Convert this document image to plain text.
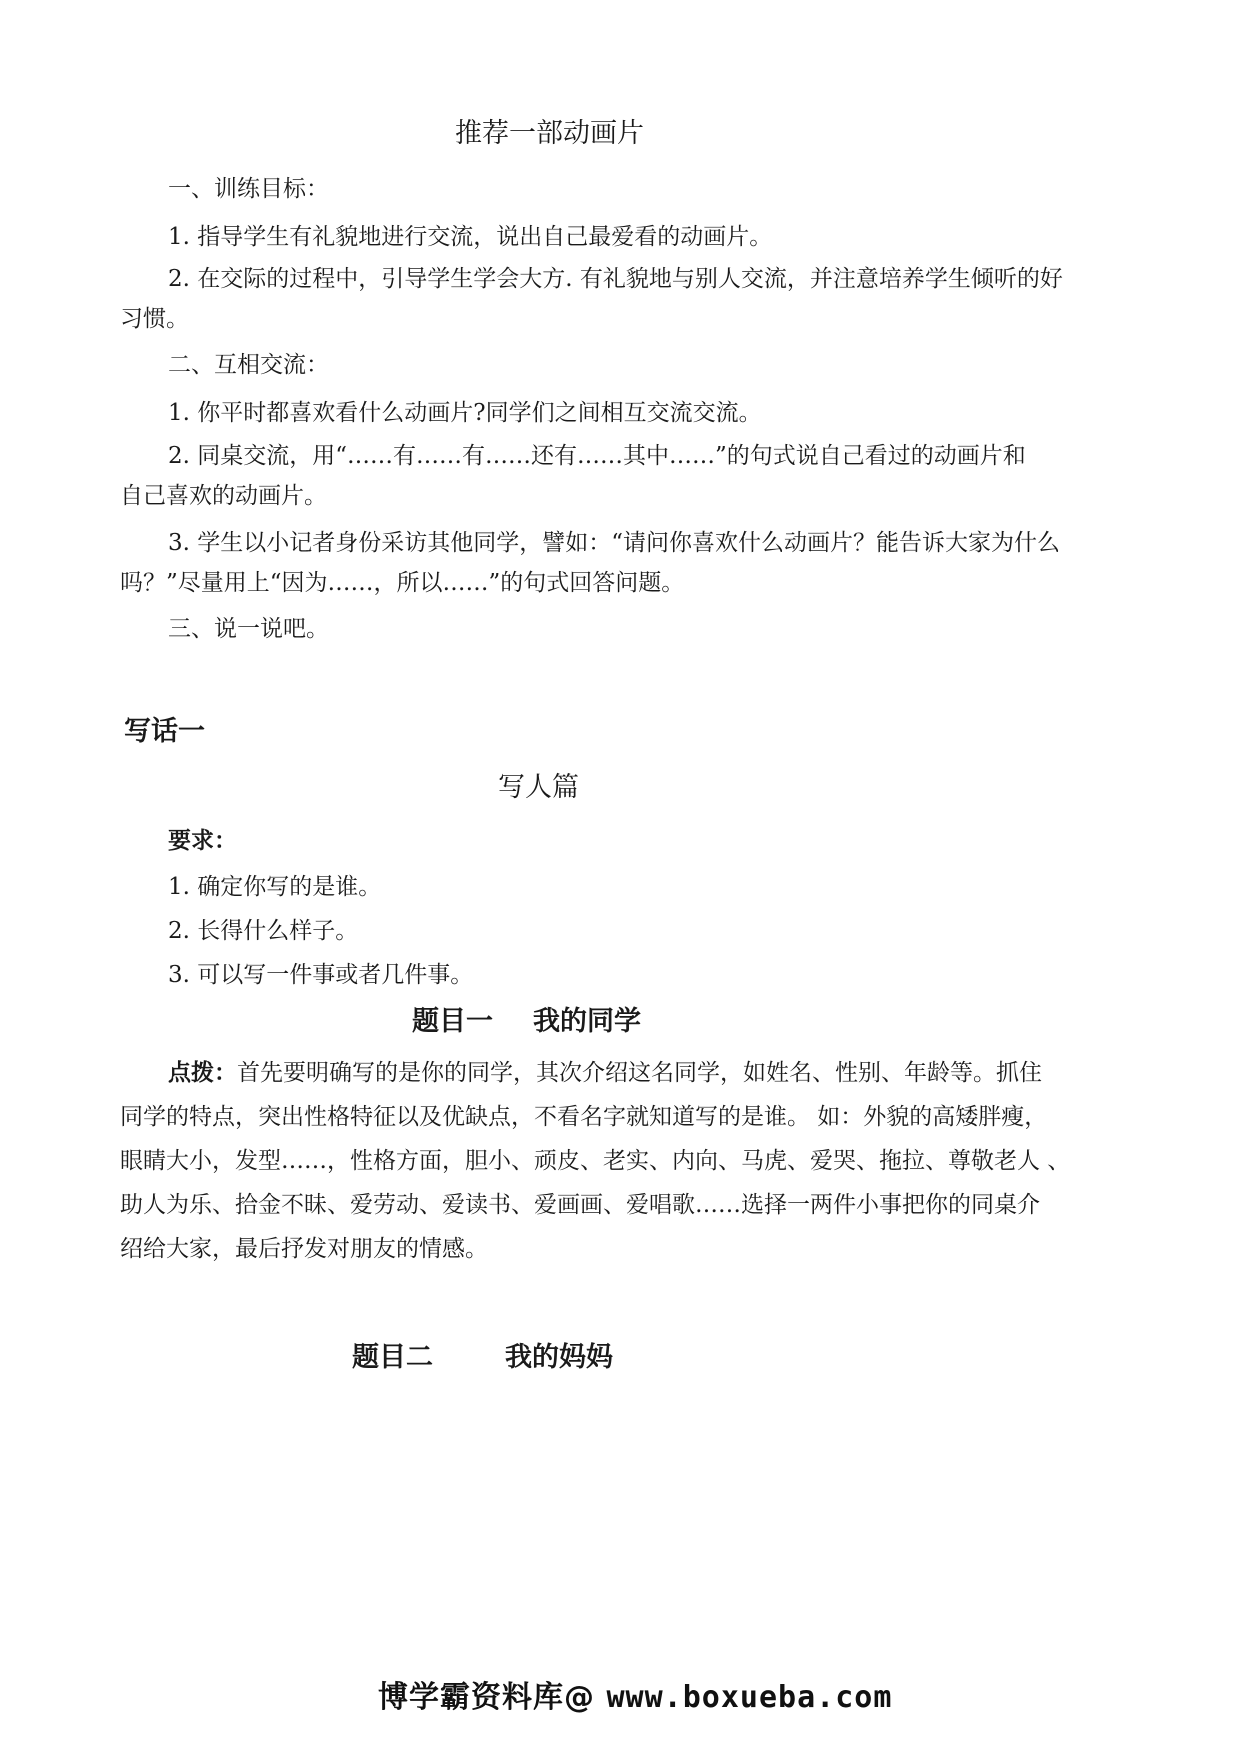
推荐一部动画片
一、训练目标：
1. 指导学生有礼貌地进行交流，说出自己最爱看的动画片。
2. 在交际的过程中，引导学生学会大方. 有礼貌地与别人交流，并注意培养学生倾听的好
习惯。
二、互相交流：
1. 你平时都喜欢看什么动画片?同学们之间相互交流交流。
2. 同桌交流，用“……有……有……还有……其中……”的句式说自己看过的动画片和
自己喜欢的动画片。
3. 学生以小记者身份采访其他同学，譬如：“请问你喜欢什么动画片？能告诉大家为什么
吗？”尽量用上“因为……，所以……”的句式回答问题。
三、说一说吧。
写话一
写人篇
要求：
1. 确定你写的是谁。
2. 长得什么样子。
3. 可以写一件事或者几件事。
题目一 我的同学
点拨：首先要明确写的是你的同学，其次介绍这名同学，如姓名、性别、年龄等。抓住
同学的特点，突出性格特征以及优缺点，不看名字就知道写的是谁。 如：外貌的高矮胖瘦，
眼睛大小，发型……，性格方面，胆小、顽皮、老实、内向、马虎、爱哭、拖拉、尊敬老人 、
助人为乐、拾金不昧、爱劳动、爱读书、爱画画、爱唱歌……选择一两件小事把你的同桌介
绍给大家，最后抒发对朋友的情感。
题目二	我的妈妈
博学霸资料库@ www.boxueba.com
